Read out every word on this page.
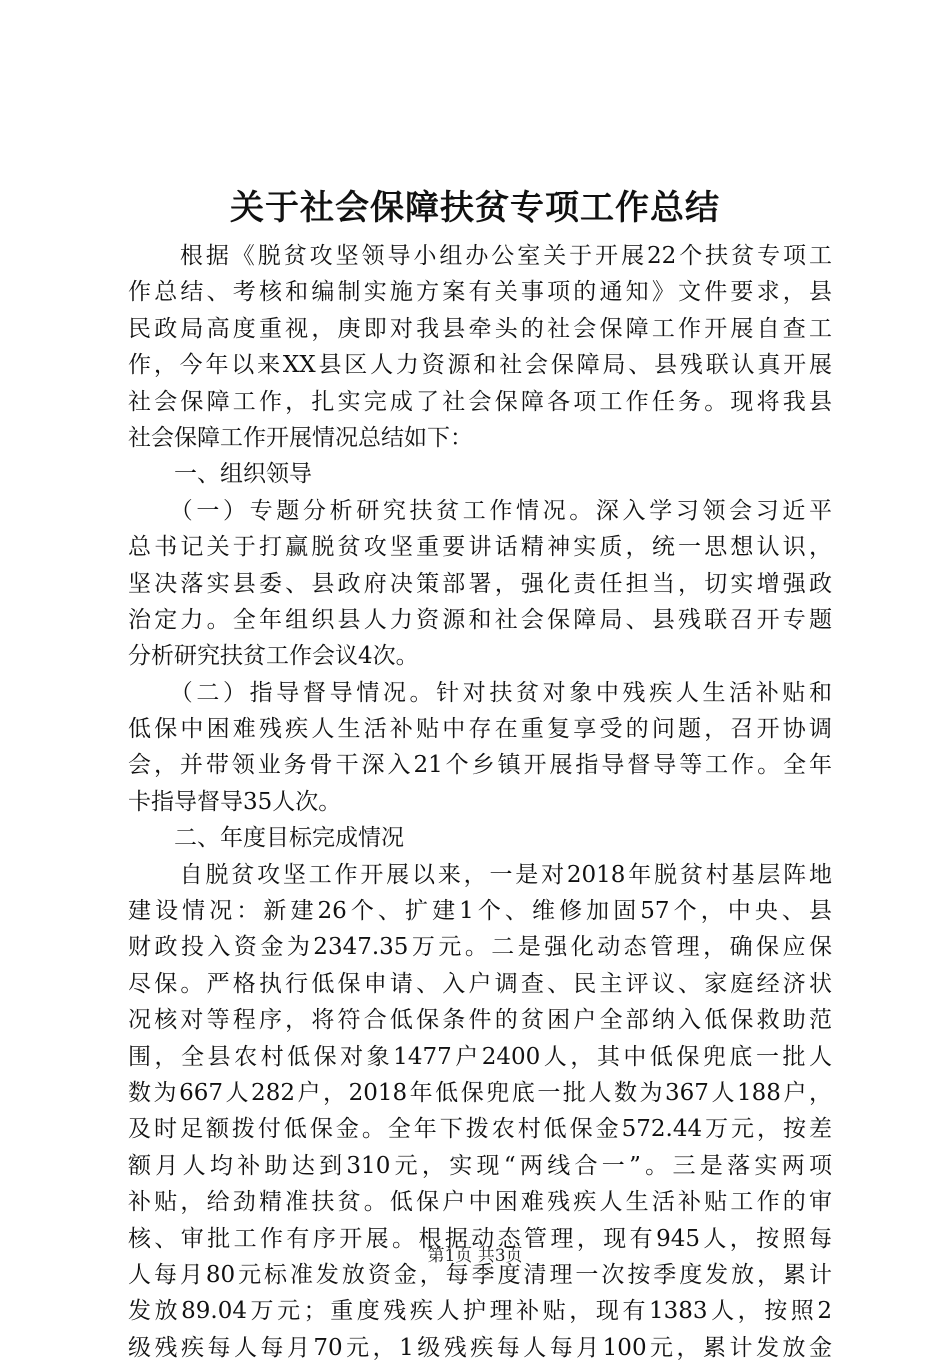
关于社会保障扶贫专项工作总结
　　根据《脱贫攻坚领导小组办公室关于开展22个扶贫专项工
作总结、考核和编制实施方案有关事项的通知》文件要求，县
民政局高度重视，庚即对我县牵头的社会保障工作开展自查工
作，今年以来XX县区人力资源和社会保障局、县残联认真开展
社会保障工作，扎实完成了社会保障各项工作任务。现将我县
社会保障工作开展情况总结如下：
　　一、组织领导
　　（一）专题分析研究扶贫工作情况。深入学习领会习近平
总书记关于打赢脱贫攻坚重要讲话精神实质，统一思想认识，
坚决落实县委、县政府决策部署，强化责任担当，切实增强政
治定力。全年组织县人力资源和社会保障局、县残联召开专题
分析研究扶贫工作会议4次。
　　（二）指导督导情况。针对扶贫对象中残疾人生活补贴和
低保中困难残疾人生活补贴中存在重复享受的问题，召开协调
会，并带领业务骨干深入21个乡镇开展指导督导等工作。全年
卡指导督导35人次。
　　二、年度目标完成情况
　　自脱贫攻坚工作开展以来，一是对2018年脱贫村基层阵地
建设情况：新建26个、扩建1个、维修加固57个，中央、县
财政投入资金为2347.35万元。二是强化动态管理，确保应保
尽保。严格执行低保申请、入户调查、民主评议、家庭经济状
况核对等程序，将符合低保条件的贫困户全部纳入低保救助范
围，全县农村低保对象1477户2400人，其中低保兜底一批人
数为667人282户，2018年低保兜底一批人数为367人188户，
及时足额拨付低保金。全年下拨农村低保金572.44万元，按差
额月人均补助达到310元，实现“两线合一”。三是落实两项
补贴，给劲精准扶贫。低保户中困难残疾人生活补贴工作的审
核、审批工作有序开展。根据动态管理，现有945人，按照每
人每月80元标准发放资金，每季度清理一次按季度发放，累计
发放89.04万元；重度残疾人护理补贴，现有1383人，按照2
级残疾每人每月70元，1级残疾每人每月100元，累计发放金
第1页 共3页
